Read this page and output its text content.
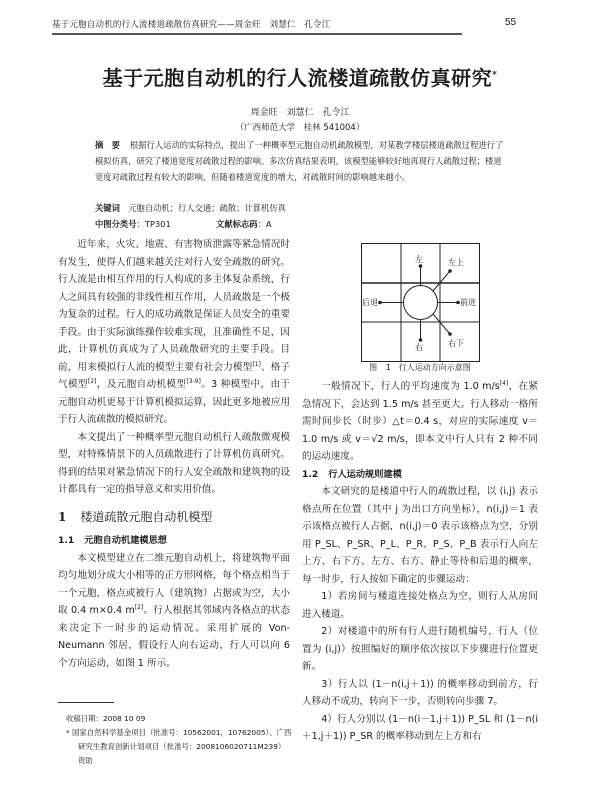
基于元胞自动机的行人流楼道疏散仿真研究——周金旺　刘慧仁　孔令江	55
基于元胞自动机的行人流楼道疏散仿真研究*
周金旺　刘慧仁　孔令江
（广西师范大学　桂林 541004）
摘　要 根据行人运动的实际特点，提出了一种概率型元胞自动机疏散模型，对某教学楼层楼道疏散过程进行了模拟仿真，研究了楼道宽度对疏散过程的影响。多次仿真结果表明，该模型能够较好地再现行人疏散过程；楼道宽度对疏散过程有较大的影响，但随着楼道宽度的增大，对疏散时间的影响越来越小。
关键词　 元胞自动机；行人交通；疏散；计算机仿真
中图分类号：TP301	文献标志码：A

近年来，火灾、地震、有害物质泄露等紧急情况时有发生，使得人们越来越关注对行人安全疏散的研究。行人流是由相互作用的行人构成的多主体复杂系统，行人之间具有较强的非线性相互作用，人员疏散是一个极为复杂的过程。行人的成功疏散是保证人员安全的重要手段。由于实际演练操作较难实现，且准确性不足，因此，计算机仿真成为了人员疏散研究的主要手段。目前，用来模拟行人流的模型主要有社会力模型[1]、格子气模型[2]，及元胞自动机模型[3-9]。3 种模型中，由于元胞自动机更易于计算机模拟运算，因此更多地被应用于行人流疏散的模拟研究。

本文提出了一种概率型元胞自动机行人疏散微观模型，对特殊情景下的人员疏散进行了计算机仿真研究。得到的结果对紧急情况下的行人安全疏散和建筑物的设计都具有一定的指导意义和实用价值。

1 楼道疏散元胞自动机模型
1.1 元胞自动机建模思想

本文模型建立在二维元胞自动机上，将建筑物平面均匀地划分成大小相等的正方形网格，每个格点相当于一个元胞，格点或被行人（建筑物）占据或为空，大小取 0.4 m×0.4 m[2]。行人根据其邻域内各格点的状态来决定下一时步的运动情况。采用扩展的 Von-Neumann 邻居，假设行人向右运动，行人可以向 6 个方向运动，如图 1 所示。

收稿日期：2008 10 09
* 国家自然科学基金项目（批准号：10562001，10762005）、广西研究生教育创新计划项目（批准号：2008106020711M239）资助
左	左上
前进
后退
右	右下
图 1　行人运动方向示意图

一般情况下，行人的平均速度为 1.0 m/s[4]，在紧急情况下，会达到 1.5 m/s 甚至更大。行人移动一格所需时间步长（时步）△t＝0.4 s，对应的实际速度 v＝1.0 m/s 或 v＝√2 m/s，即本文中行人只有 2 种不同的运动速度。

1.2 行人运动规则建模

本文研究的是楼道中行人的疏散过程，以 (i,j) 表示格点所在位置（其中 j 为出口方向坐标），n(i,j)＝1 表示该格点被行人占据，n(i,j)＝0 表示该格点为空，分别用 P_SL、P_SR、P_L、P_R、P_S、P_B 表示行人向左上方、右下方、左方、右方、静止等待和后退的概率，每一时步，行人按如下确定的步骤运动：

1）若房间与楼道连接处格点为空，则行人从房间进入楼道。

2）对楼道中的所有行人进行随机编号，行人（位置为 (i,j)）按照编好的顺序依次按以下步骤进行位置更新。

3）行人以 (1－n(i,j＋1)) 的概率移动到前方，行人移动不成功，转向下一步，否则转向步骤 7。

4）行人分别以 (1－n(i－1,j＋1)) P_SL 和 (1－n(i＋1,j＋1)) P_SR 的概率移动到左上方和右
